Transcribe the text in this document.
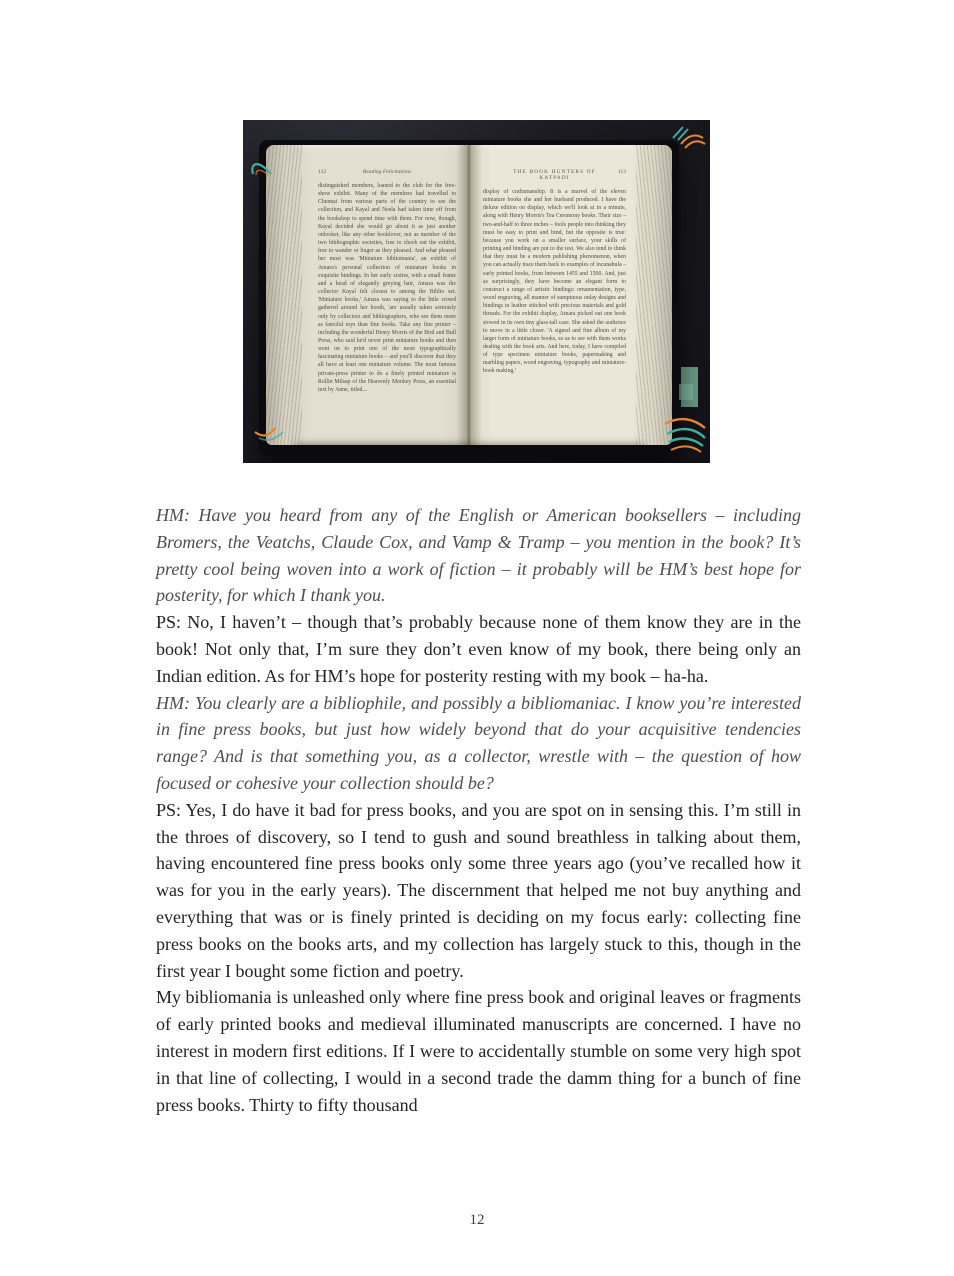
112	Reading Felicitations
distinguished members, loaned to the club for the free-show exhibit. Many of the members had travelled to Chennai from various parts of the country to see the collection, and Kayal and Neela had taken time off from the bookshop to spend time with them. For now, though, Kayal decided she would go about it as just another onlooker, like any other booklover, not as member of the two bibliographic societies, free to check out the exhibit, free to wander or linger as they pleased. And what pleased her most was 'Miniature bibliomania', an exhibit of Amara's personal collection of miniature books in exquisite bindings. In her early sixties, with a small frame and a head of elegantly greying hair, Amara was the collector Kayal felt closest to among the Biblio set. 'Miniature books,' Amara was saying to the little crowd gathered around her booth, 'are usually taken seriously only by collectors and bibliographers, who see them more as fanciful toys than fine books. Take any fine printer – including the wonderful Henry Morris of the Bird and Bull Press, who said he'd never print miniature books and then went on to print one of the most typographically fascinating miniature books – and you'll discover that they all have at least one miniature volume. The most famous private-press printer to do a finely printed miniature is Rollin Milsap of the Heavenly Monkey Press, an essential text by Anne, titled...
THE BOOK HUNTERS OF KATPADI
113
display of craftsmanship. It is a marvel of the eleven miniature books she and her husband produced. I have the deluxe edition on display, which we'll look at in a minute, along with Henry Morris's Tea Ceremony books. Their size – two-and-half to three inches – fools people into thinking they must be easy to print and bind, but the opposite is true: because you work on a smaller surface, your skills of printing and binding are put to the test. We also tend to think that they must be a modern publishing phenomenon, when you can actually trace them back to examples of incunabula – early printed books, from between 1455 and 1500. And, just as surprisingly, they have become an elegant form to construct a range of artistic bindings: ornamentation, type, wood engraving, all manner of sumptuous onlay designs and bindings in leather stitched with precious materials and gold threads. For the exhibit display, Amara picked out one book stowed in its own tiny glass-tall case. She asked the audience to move in a little closer. 'A signed and fine album of my larger form of miniature books, so as to see with them works dealing with the book arts. And here, today, I have compiled of type specimen miniature books, papermaking and marbling papers, wood engraving, typography and miniature-book making.'

HM: Have you heard from any of the English or American booksellers – including Bromers, the Veatchs, Claude Cox, and Vamp & Tramp – you mention in the book? It’s pretty cool being woven into a work of fiction – it probably will be HM’s best hope for posterity, for which I thank you.

PS: No, I haven’t – though that’s probably because none of them know they are in the book! Not only that, I’m sure they don’t even know of my book, there being only an Indian edition. As for HM’s hope for posterity resting with my book – ha-ha.

HM: You clearly are a bibliophile, and possibly a bibliomaniac. I know you’re interested in fine press books, but just how widely beyond that do your acquisitive tendencies range? And is that something you, as a collector, wrestle with – the question of how focused or cohesive your collection should be?

PS: Yes, I do have it bad for press books, and you are spot on in sensing this. I’m still in the throes of discovery, so I tend to gush and sound breathless in talking about them, having encountered fine press books only some three years ago (you’ve recalled how it was for you in the early years). The discernment that helped me not buy anything and everything that was or is finely printed is deciding on my focus early: collecting fine press books on the books arts, and my collection has largely stuck to this, though in the first year I bought some fiction and poetry.

My bibliomania is unleashed only where fine press book and original leaves or fragments of early printed books and medieval illuminated manuscripts are concerned. I have no interest in modern first editions. If I were to accidentally stumble on some very high spot in that line of collecting, I would in a second trade the damm thing for a bunch of fine press books. Thirty to fifty thousand

12
